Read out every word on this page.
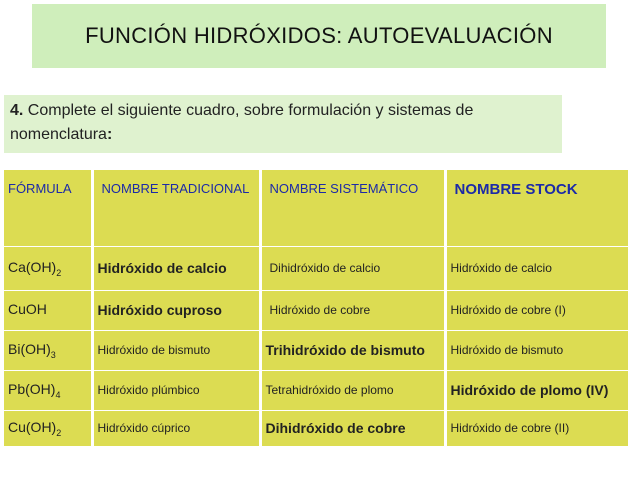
FUNCIÓN HIDRÓXIDOS: AUTOEVALUACIÓN
4. Complete el siguiente cuadro, sobre formulación y sistemas de nomenclatura:
FÓRMULA	NOMBRE TRADICIONAL	NOMBRE SISTEMÁTICO	NOMBRE STOCK
$Ca(OH)_2$	Hidróxido de calcio	Dihidróxido de calcio	Hidróxido de calcio
CuOH	Hidróxido cuproso	Hidróxido de cobre	Hidróxido de cobre (I)
$Bi(OH)_3$	Hidróxido de bismuto	Trihidróxido de bismuto	Hidróxido de bismuto
$Pb(OH)_4$	Hidróxido plúmbico	Tetrahidróxido de plomo	Hidróxido de plomo (IV)
$Cu(OH)_2$	Hidróxido cúprico	Dihidróxido de cobre	Hidróxido de cobre (II)
